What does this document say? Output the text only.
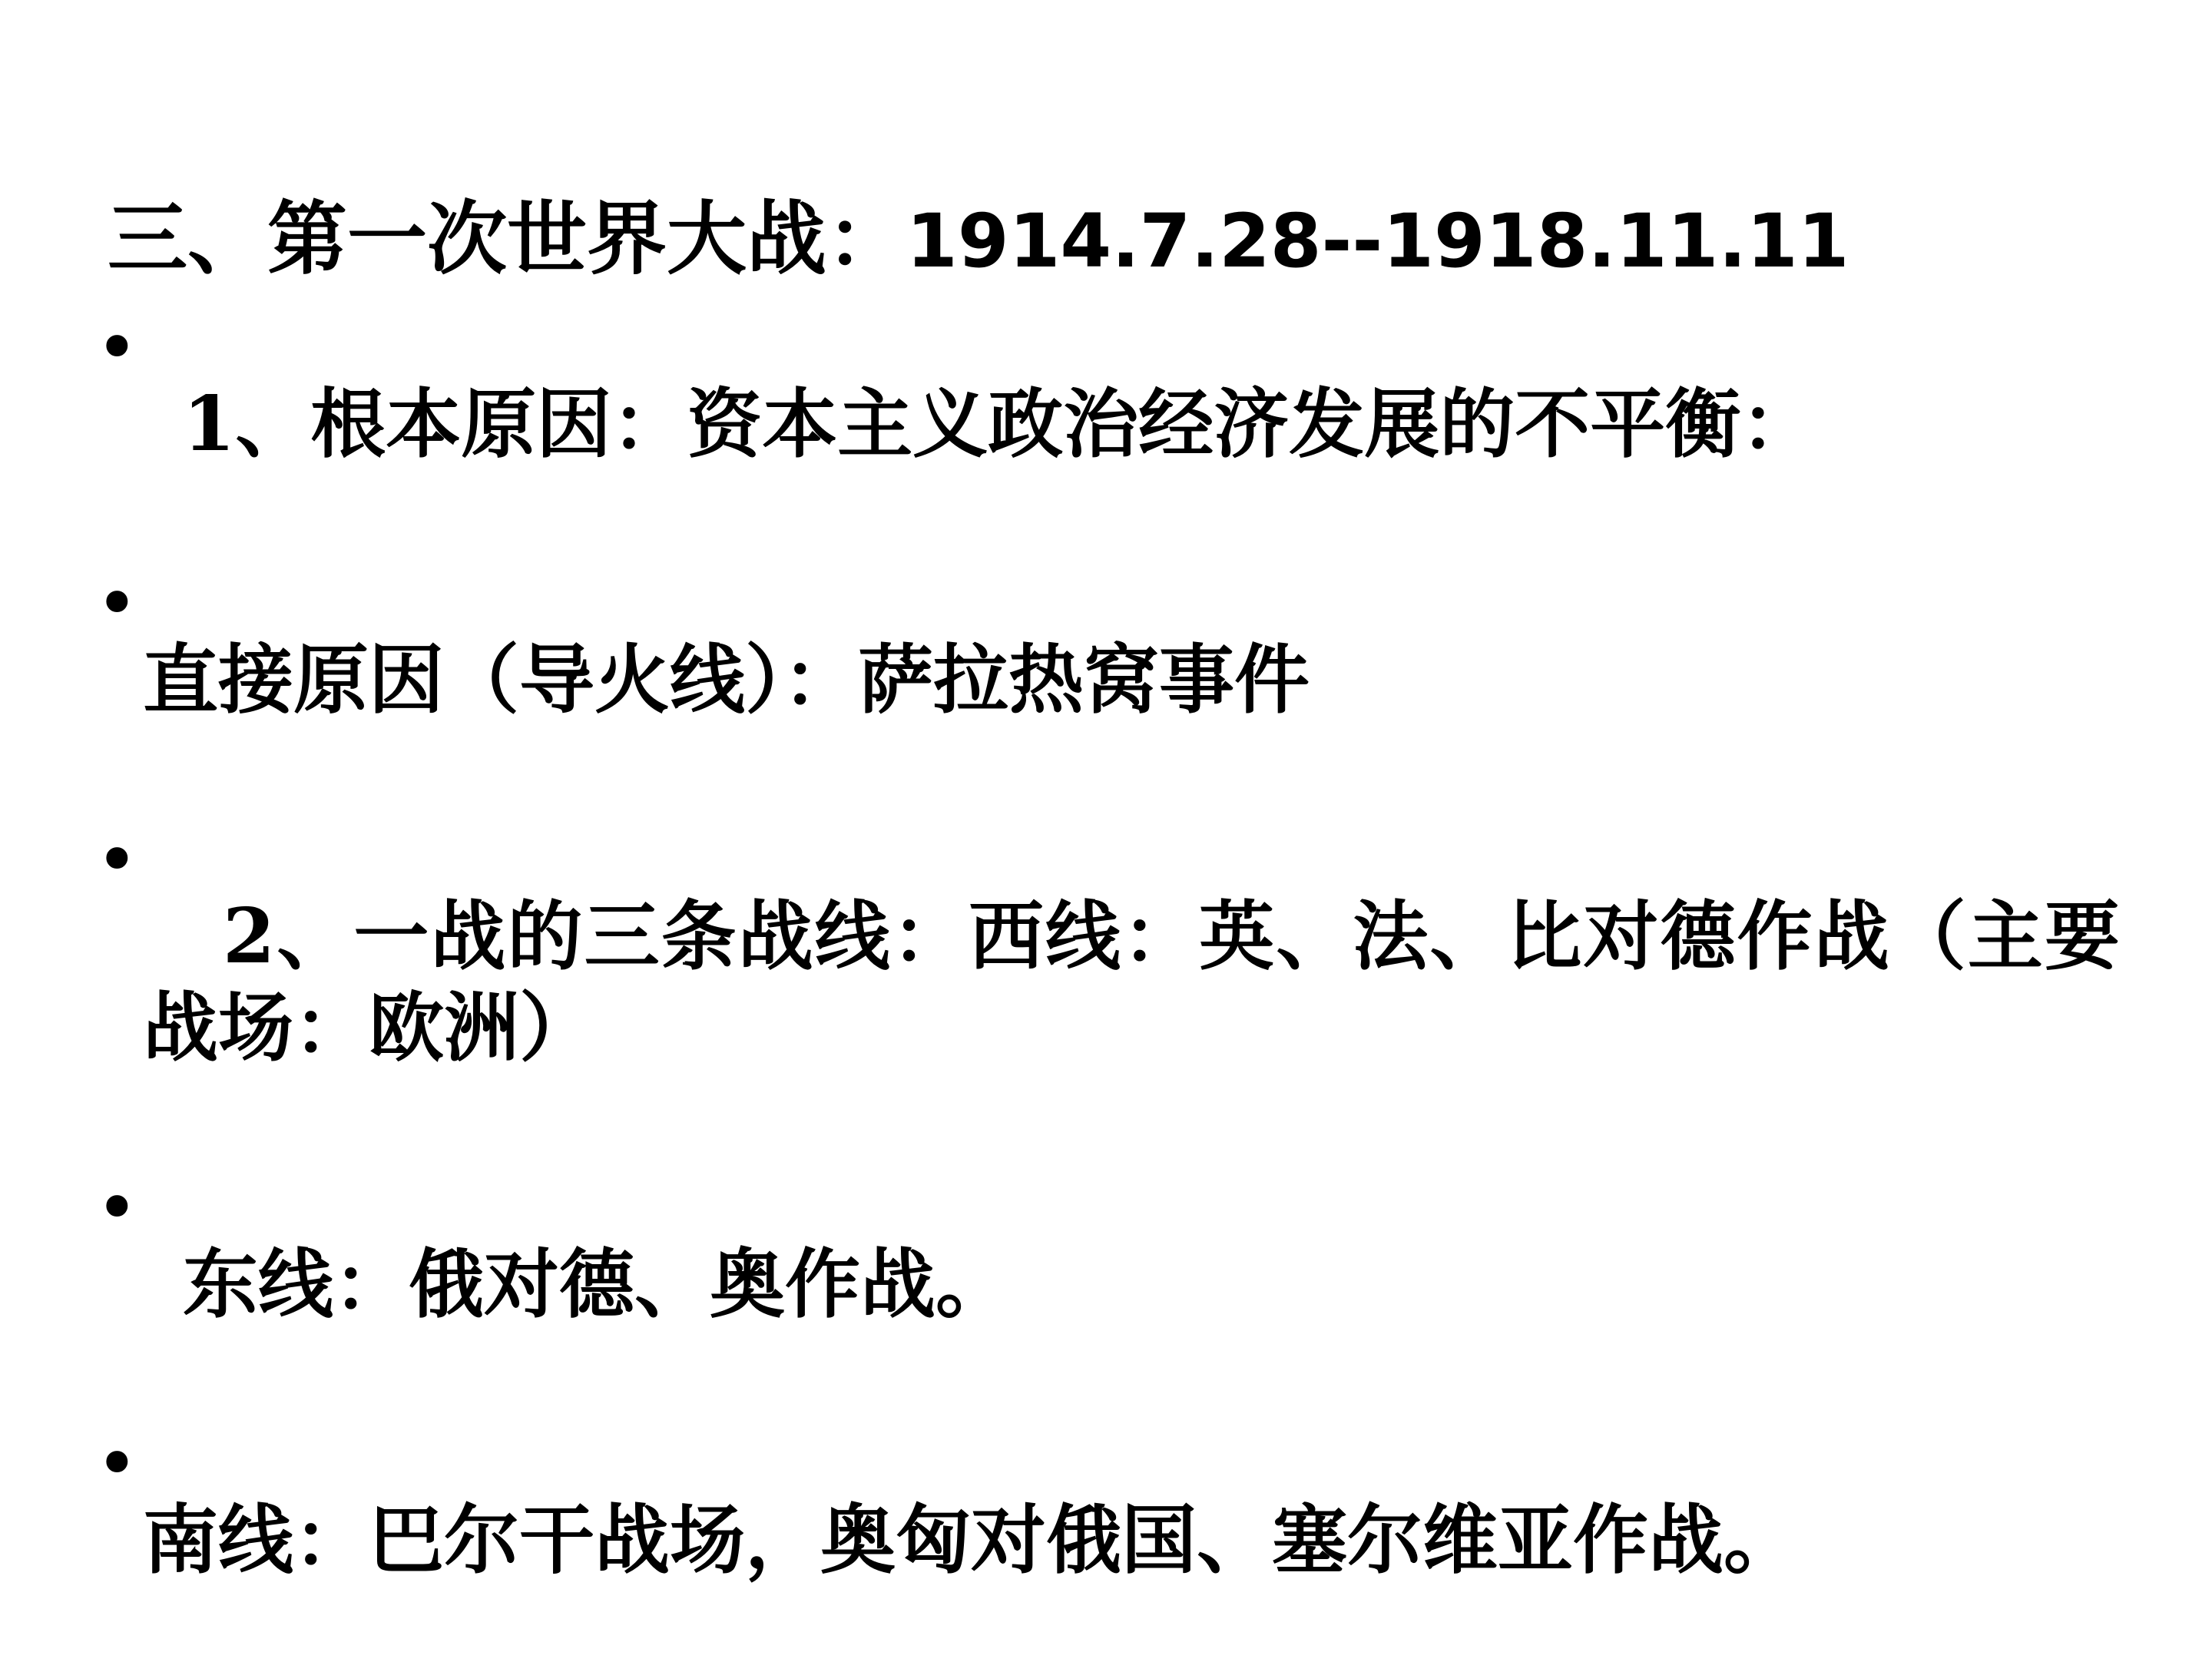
三、第一次世界大战：1914.7.28--1918.11.11
•

1、根本原因：资本主义政治经济发展的不平衡：

•

直接原因（导火线）：萨拉热窝事件

•

2、一战的三条战线：西线：英、法、比对德作战（主要战场：欧洲）

•

东线：俄对德、奥作战。

•

南线：巴尔干战场，奥匈对俄国、塞尔维亚作战。
